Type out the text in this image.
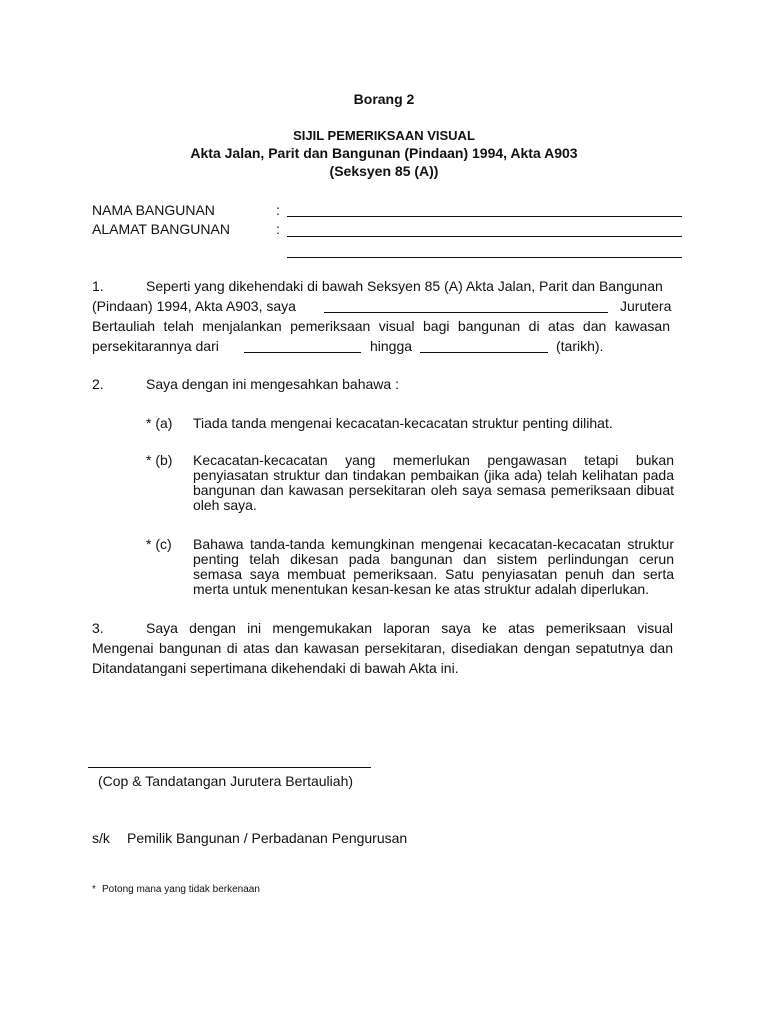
Borang 2
SIJIL PEMERIKSAAN VISUAL
Akta Jalan, Parit dan Bangunan (Pindaan) 1994, Akta A903
(Seksyen 85 (A))
NAMA BANGUNAN	:
ALAMAT BANGUNAN	:
1.	Seperti yang dikehendaki di bawah Seksyen 85 (A) Akta Jalan, Parit dan Bangunan
(Pindaan) 1994, Akta A903, saya	Jurutera
Bertauliah telah menjalankan pemeriksaan visual bagi bangunan di atas dan kawasan
persekitarannya dari	hingga	(tarikh).
2.	Saya dengan ini mengesahkan bahawa :
* (a) Tiada tanda mengenai kecacatan-kecacatan struktur penting dilihat.
* (b) Kecacatan-kecacatan yang memerlukan pengawasan tetapi bukan
penyiasatan struktur dan tindakan pembaikan (jika ada) telah kelihatan pada
bangunan dan kawasan persekitaran oleh saya semasa pemeriksaan dibuat
oleh saya.
* (c) Bahawa tanda-tanda kemungkinan mengenai kecacatan-kecacatan struktur
penting telah dikesan pada bangunan dan sistem perlindungan cerun
semasa saya membuat pemeriksaan. Satu penyiasatan penuh dan serta
merta untuk menentukan kesan-kesan ke atas struktur adalah diperlukan.
3.	Saya dengan ini mengemukakan laporan saya ke atas pemeriksaan visual
Mengenai bangunan di atas dan kawasan persekitaran, disediakan dengan sepatutnya dan
Ditandatangani sepertimana dikehendaki di bawah Akta ini.
(Cop & Tandatangan Jurutera Bertauliah)
s/k Pemilik Bangunan / Perbadanan Pengurusan
* Potong mana yang tidak berkenaan
